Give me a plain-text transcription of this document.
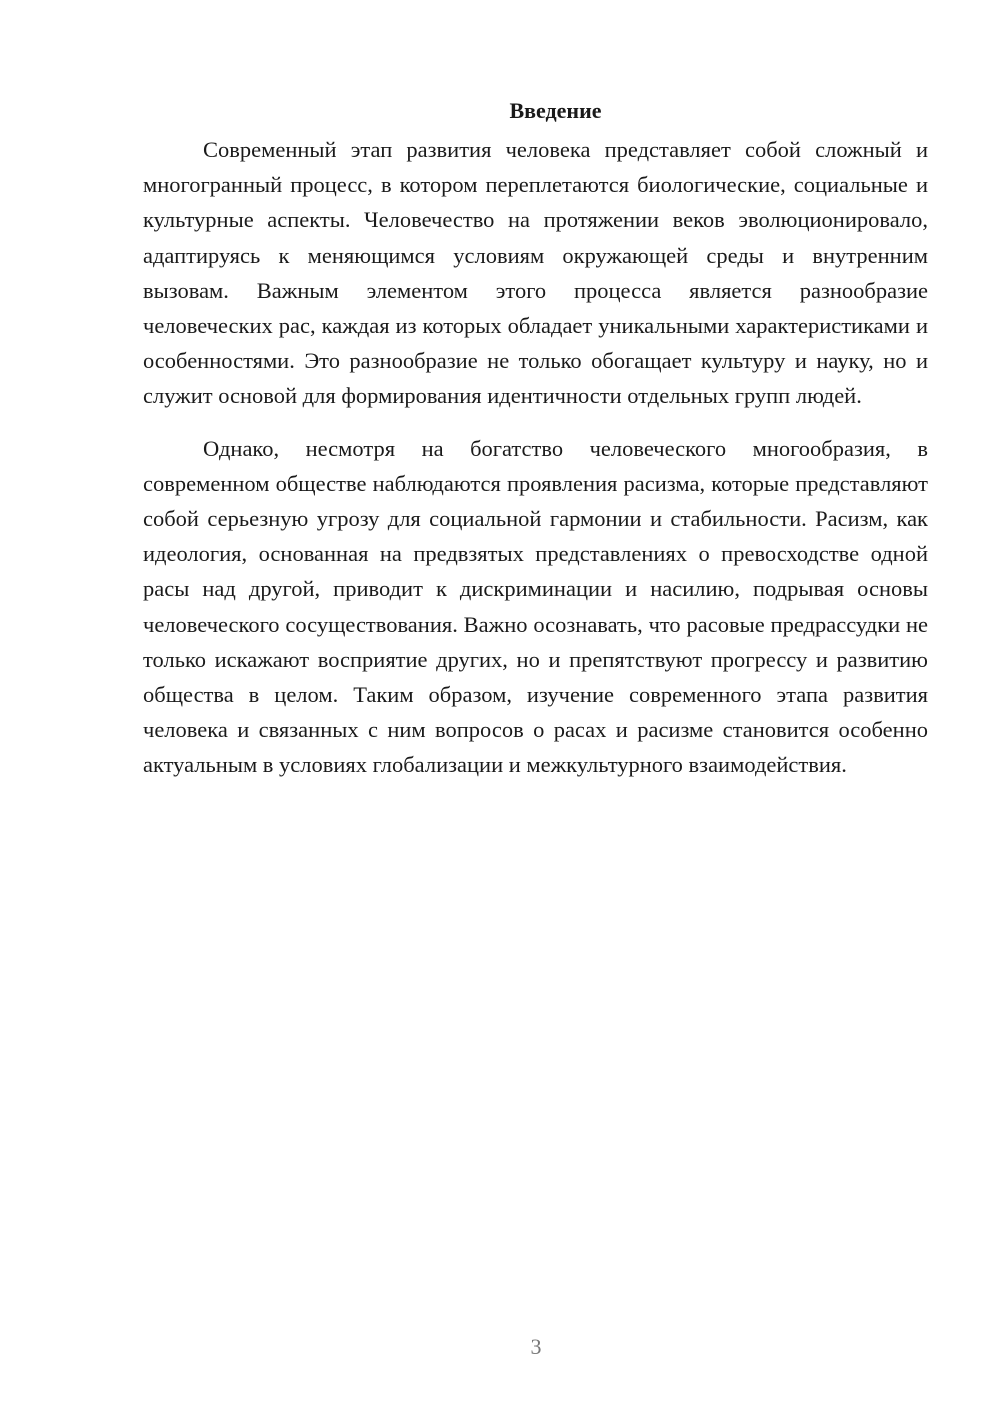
Введение

Современный этап развития человека представляет собой сложный и многогранный процесс, в котором переплетаются биологические, социальные и культурные аспекты. Человечество на протяжении веков эволюционировало, адаптируясь к меняющимся условиям окружающей среды и внутренним вызовам. Важным элементом этого процесса является разнообразие человеческих рас, каждая из которых обладает уникальными характеристиками и особенностями. Это разнообразие не только обогащает культуру и науку, но и служит основой для формирования идентичности отдельных групп людей.

Однако, несмотря на богатство человеческого многообразия, в современном обществе наблюдаются проявления расизма, которые представляют собой серьезную угрозу для социальной гармонии и стабильности. Расизм, как идеология, основанная на предвзятых представлениях о превосходстве одной расы над другой, приводит к дискриминации и насилию, подрывая основы человеческого сосуществования. Важно осознавать, что расовые предрассудки не только искажают восприятие других, но и препятствуют прогрессу и развитию общества в целом. Таким образом, изучение современного этапа развития человека и связанных с ним вопросов о расах и расизме становится особенно актуальным в условиях глобализации и межкультурного взаимодействия.

3
